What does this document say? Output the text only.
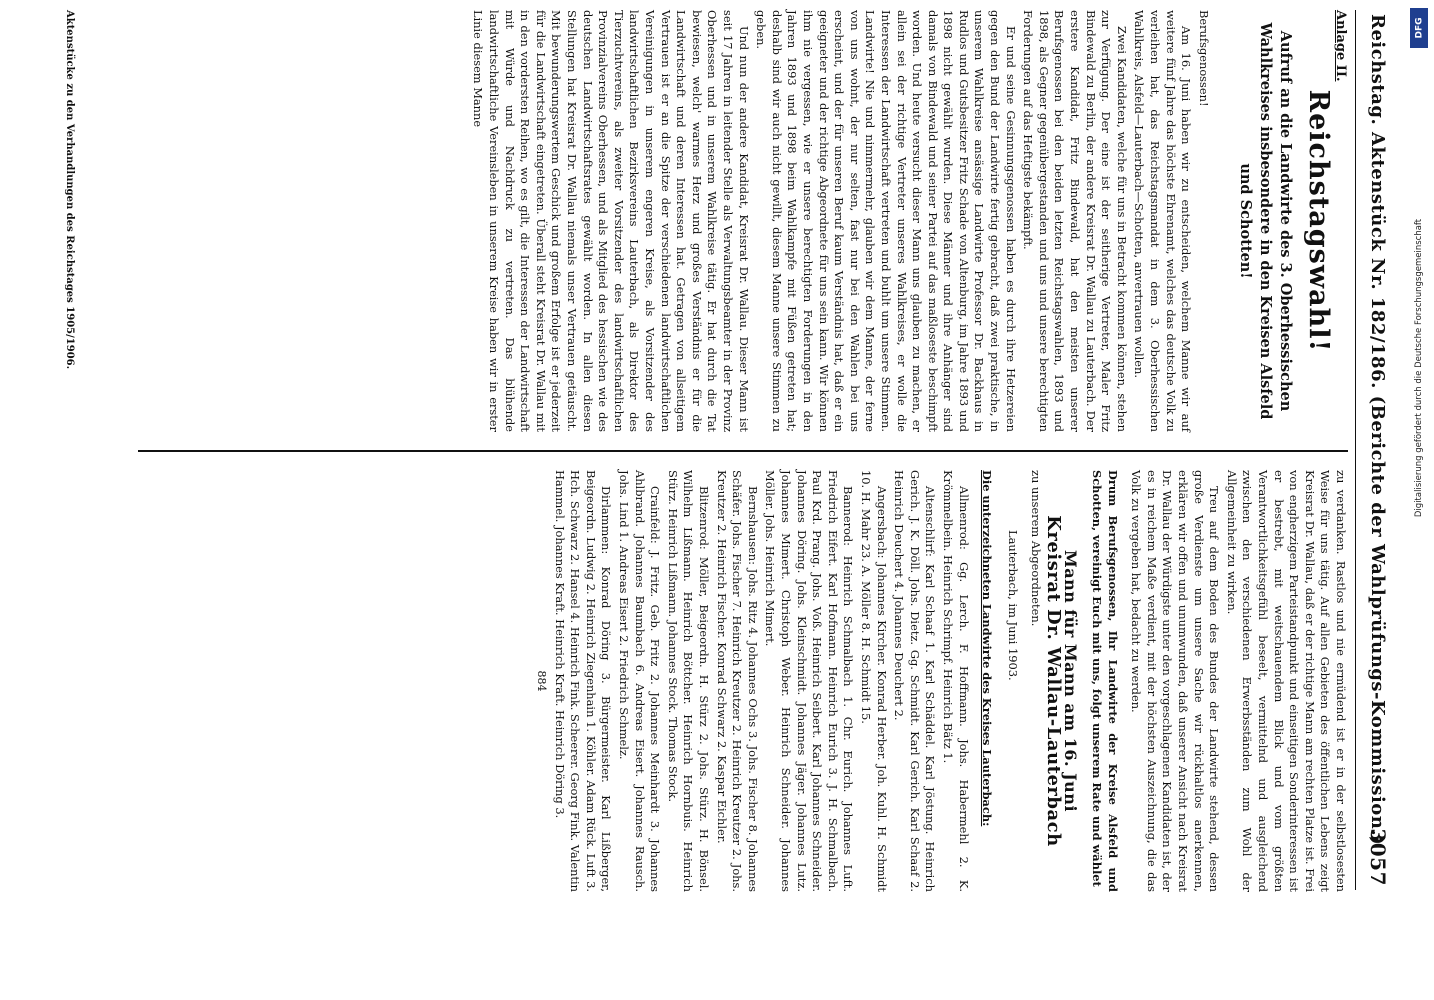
Reichstag. Aktenstück Nr. 182/186. (Berichte der Wahlprüfungs-Kommission.)
3057

Anlage II.

Reichstagswahl!
Aufruf an die Landwirte des 3. Oberhessischen Wahlkreises insbesondere in den Kreisen Alsfeld und Schotten!

Berufsgenossen!

Am 16. Juni haben wir zu entscheiden, welchem Manne wir auf weitere fünf Jahre das höchste Ehrenamt, welches das deutsche Volk zu verleihen hat, das Reichstagsmandat in dem 3. Oberhessischen Wahlkreis, Alsfeld—Lauterbach—Schotten, anvertrauen wollen.

Zwei Kandidaten, welche für uns in Betracht kommen können, stehen zur Verfügung. Der eine ist der seitherige Vertreter, Maler Fritz Bindewald zu Berlin, der andere Kreisrat Dr. Wallau zu Lauterbach. Der erstere Kandidat, Fritz Bindewald, hat den meisten unserer Berufsgenossen bei den beiden letzten Reichstagswahlen, 1893 und 1898, als Gegner gegenübergestanden und uns und unsere berechtigten Forderungen auf das Heftigste bekämpft.

Er und seine Gesinnungsgenossen haben es durch ihre Hetzereien gegen den Bund der Landwirte fertig gebracht, daß zwei praktische, in unserem Wahlkreise ansässige Landwirte Professor Dr. Backhaus in Rudlos und Gutsbesitzer Fritz Schade von Altenburg, im Jahre 1893 und 1898 nicht gewählt wurden. Diese Männer und ihre Anhänger sind damals von Bindewald und seiner Partei auf das maßloseste beschimpft worden. Und heute versucht dieser Mann uns glauben zu machen, er allein sei der richtige Vertreter unseres Wahlkreises, er wolle die Interessen der Landwirtschaft vertreten und buhlt um unsere Stimmen. Landwirte! Nie und nimmermehr, glauben wir dem Manne, der ferne von uns wohnt, der nur selten, fast nur bei den Wahlen bei uns erscheint, und der für unseren Beruf kaum Verständnis hat, daß er ein geeigneter und der richtige Abgeordnete für uns sein kann. Wir können ihm nie vergessen, wie er unsere berechtigten Forderungen in den Jahren 1893 und 1898 beim Wahlkampfe mit Füßen getreten hat; deshalb sind wir auch nicht gewillt, diesem Manne unsere Stimmen zu geben.

Und nun der andere Kandidat, Kreisrat Dr. Wallau. Dieser Mann ist seit 17 Jahren in leitender Stelle als Verwaltungsbeamter in der Provinz Oberhessen und in unserem Wahlkreise tätig. Er hat durch die Tat bewiesen, welch' warmes Herz und großes Verständnis er für die Landwirtschaft und deren Interessen hat. Getragen von allseitigem Vertrauen ist er an die Spitze der verschiedenen landwirtschaftlichen Vereinigungen in unserem engeren Kreise, als Vorsitzender des landwirtschaftlichen Bezirksvereins Lauterbach, als Direktor des Tierzuchtvereins, als zweiter Vorsitzender des landwirtschaftlichen Provinzialvereins Oberhessen, und als Mitglied des hessischen wie des deutschen Landwirtschaftsrates gewählt worden. In allen diesen Stellungen hat Kreisrat Dr. Wallau niemals unser Vertrauen getäuscht. Mit bewunderungswertem Geschick und großem Erfolge ist er jederzeit für die Landwirtschaft eingetreten. Überall steht Kreisrat Dr. Wallau mit in den vordersten Reihen, wo es gilt, die Interessen der Landwirtschaft mit Würde und Nachdruck zu vertreten. Das blühende landwirtschaftliche Vereinsleben in unserem Kreise haben wir in erster Linie diesem Manne

zu verdanken. Rastlos und nie ermüdend ist er in der selbstlosesten Weise für uns tätig. Auf allen Gebieten des öffentlichen Lebens zeigt Kreisrat Dr. Wallau, daß er der richtige Mann am rechten Platze ist. Frei von engherzigem Parteistandpunkt und einseitigen Sonderinteressen ist er bestrebt, mit weitschauendem Blick und vom größten Verantwortlichkeitsgefühl beseelt, vermittelnd und ausgleichend zwischen den verschiedenen Erwerbsständen zum Wohl der Allgemeinheit zu wirken.

Treu auf dem Boden des Bundes der Landwirte stehend, dessen große Verdienste um unsere Sache wir rückhaltlos anerkennen, erklären wir offen und unumwunden, daß unserer Ansicht nach Kreisrat Dr. Wallau der Würdigste unter den vorgeschlagenen Kandidaten ist, der es in reichem Maße verdient, mit der höchsten Auszeichnung, die das Volk zu vergeben hat, bedacht zu werden.

Drum Berufsgenossen, Ihr Landwirte der Kreise Alsfeld und Schotten, vereinigt Euch mit uns, folgt unserem Rate und wählet

Mann für Mann am 16. Juni

Kreisrat Dr. Wallau-Lauterbach

zu unserem Abgeordneten.

Lauterbach, im Juni 1903.

Die unterzeichneten Landwirte des Kreises Lauterbach:

Allmenrod: Gg. Lerch. F. Hoffmann. Johs. Habermehl 2. K. Krömmelbein. Heinrich Schrimpf. Heinrich Bätz 1.

Altenschlirf: Karl Schaaf 1. Karl Schäddel. Karl Jöstung. Heinrich Gerich. J. K. Döll. Johs. Dietz. Gg. Schmidt. Karl Gerich. Karl Schaaf 2. Heinrich Deuchert 4. Johannes Deuchert 2.

Angersbach: Johannes Kircher. Konrad Herber. Joh. Kuhl. H. Schmidt 10. H. Mahr 23. A. Möller 8. H. Schmidt 15.

Bannerod: Heinrich Schmalbach 1. Chr. Eurich. Johannes Luft. Friedrich Eifert. Karl Hofmann. Heinrich Eurich 3. J. H. Schmalbach. Paul Krd. Prang. Johs. Voß. Heinrich Seibert. Karl Johannes Schneider. Johannes Döring. Johs. Kleinschmidt. Johannes Jäger. Johannes Lutz. Johannes Mimert. Christoph Weber. Heinrich Schneider. Johannes Möller. Johs. Heinrich Mimert.

Bernshausen: Johs. Ritz 4. Johannes Ochs 3. Johs. Fischer 8. Johannes Schäfer. Johs. Fischer 7. Heinrich Kreutzer 2. Heinrich Kreutzer 2. Johs. Kreutzer 2. Heinrich Fischer. Konrad Schwarz 2. Kaspar Eichler.

Blitzenrod: Möller, Beigeordn. H. Stürz 2. Johs. Stürz. H. Bönsel. Wilhelm Lißmann. Heinrich Böttcher. Heinrich Hornbuis. Heinrich Stürz. Heinrich Lißmann. Johannes Stock. Thomas Stock.

Crainfeld: J. Fritz. Geb. Fritz 2. Johannes Meinhardt 3. Johannes Ahlbrand. Johannes Baumbach 6. Andreas Eisert. Johannes Rausch. Johs. Lind 1. Andreas Eisert 2. Friedrich Schmelz.

Dirlammen: Konrad Döring 3. Bürgermeister. Karl Lißberger, Beigeordn. Ludwig 2. Heinrich Ziegenhain 1. Köhler. Adam Rück. Luft 3. Hch. Schwarz 2. Hansel 4. Heinrich Fink. Scheerer. Georg Fink. Valentin Hammel. Johannes Kraft. Heinrich Kraft. Heinrich Döring 3.

884

Aktenstücke zu den Verhandlungen des Reichstages 1905/1906.	DFG
Digitalisierung gefördert durch die Deutsche Forschungsgemeinschaft
